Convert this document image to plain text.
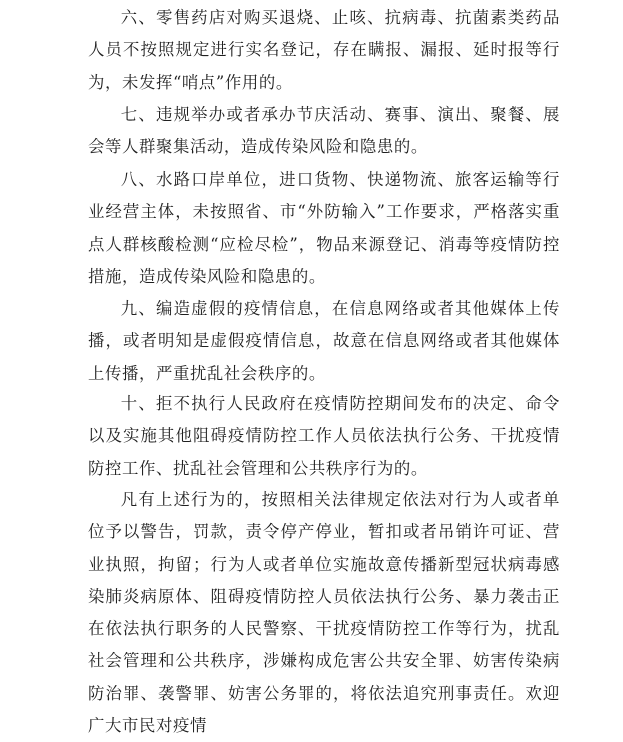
六、零售药店对购买退烧、止咳、抗病毒、抗菌素类药品人员不按照规定进行实名登记，存在瞒报、漏报、延时报等行为，未发挥“哨点”作用的。

七、违规举办或者承办节庆活动、赛事、演出、聚餐、展会等人群聚集活动，造成传染风险和隐患的。

八、水路口岸单位，进口货物、快递物流、旅客运输等行业经营主体，未按照省、市“外防输入”工作要求，严格落实重点人群核酸检测“应检尽检”，物品来源登记、消毒等疫情防控措施，造成传染风险和隐患的。

九、编造虚假的疫情信息，在信息网络或者其他媒体上传播，或者明知是虚假疫情信息，故意在信息网络或者其他媒体上传播，严重扰乱社会秩序的。

十、拒不执行人民政府在疫情防控期间发布的决定、命令以及实施其他阻碍疫情防控工作人员依法执行公务、干扰疫情防控工作、扰乱社会管理和公共秩序行为的。

凡有上述行为的，按照相关法律规定依法对行为人或者单位予以警告，罚款，责令停产停业，暂扣或者吊销许可证、营业执照，拘留；行为人或者单位实施故意传播新型冠状病毒感染肺炎病原体、阻碍疫情防控人员依法执行公务、暴力袭击正在依法执行职务的人民警察、干扰疫情防控工作等行为，扰乱社会管理和公共秩序，涉嫌构成危害公共安全罪、妨害传染病防治罪、袭警罪、妨害公务罪的，将依法追究刑事责任。欢迎广大市民对疫情
